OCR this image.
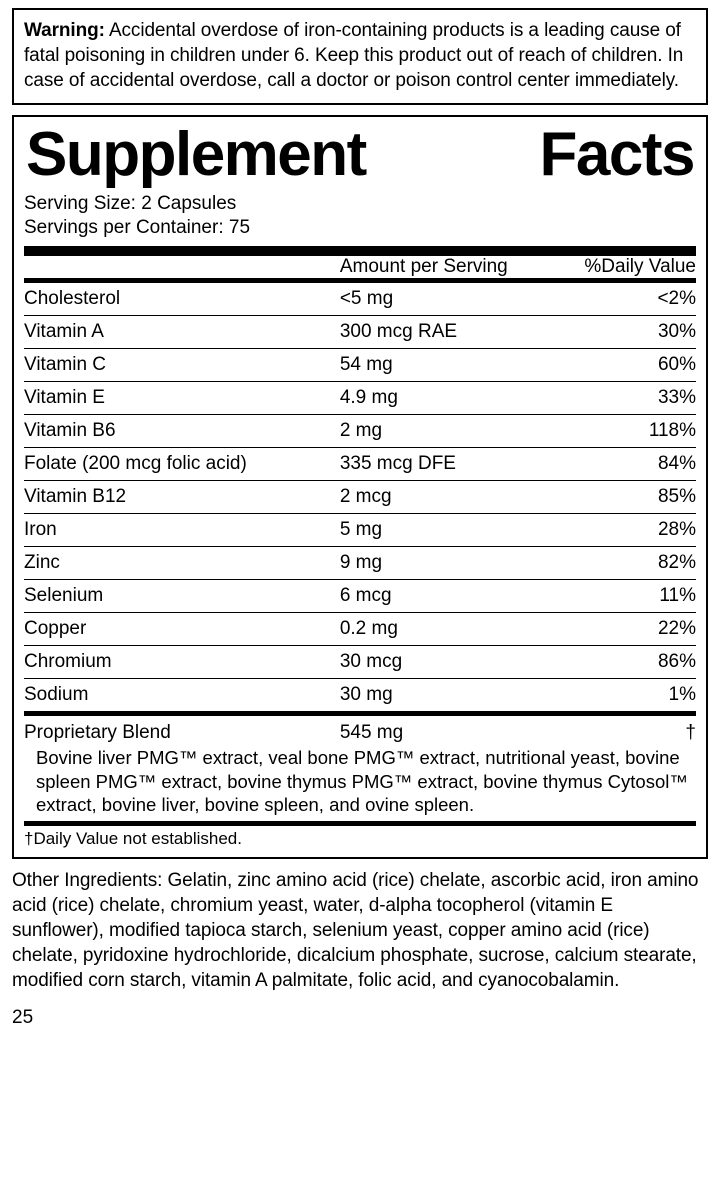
Warning: Accidental overdose of iron-containing products is a leading cause of fatal poisoning in children under 6. Keep this product out of reach of children. In case of accidental overdose, call a doctor or poison control center immediately.
Supplement	Facts
Serving Size: 2 Capsules
Servings per Container: 75
	Amount per Serving	%Daily Value
Cholesterol	<5 mg	<2%
Vitamin A	300 mcg RAE	30%
Vitamin C	54 mg	60%
Vitamin E	4.9 mg	33%
Vitamin B6	2 mg	118%
Folate (200 mcg folic acid)	335 mcg DFE	84%
Vitamin B12	2 mcg	85%
Iron	5 mg	28%
Zinc	9 mg	82%
Selenium	6 mcg	11%
Copper	0.2 mg	22%
Chromium	30 mcg	86%
Sodium	30 mg	1%
Proprietary Blend	545 mg	†
Bovine liver PMG™ extract, veal bone PMG™ extract, nutritional yeast, bovine spleen PMG™ extract, bovine thymus PMG™ extract, bovine thymus Cytosol™ extract, bovine liver, bovine spleen, and ovine spleen.
†Daily Value not established.
Other Ingredients: Gelatin, zinc amino acid (rice) chelate, ascorbic acid, iron amino acid (rice) chelate, chromium yeast, water, d-alpha tocopherol (vitamin E sunflower), modified tapioca starch, selenium yeast, copper amino acid (rice) chelate, pyridoxine hydrochloride, dicalcium phosphate, sucrose, calcium stearate, modified corn starch, vitamin A palmitate, folic acid, and cyanocobalamin.
25
